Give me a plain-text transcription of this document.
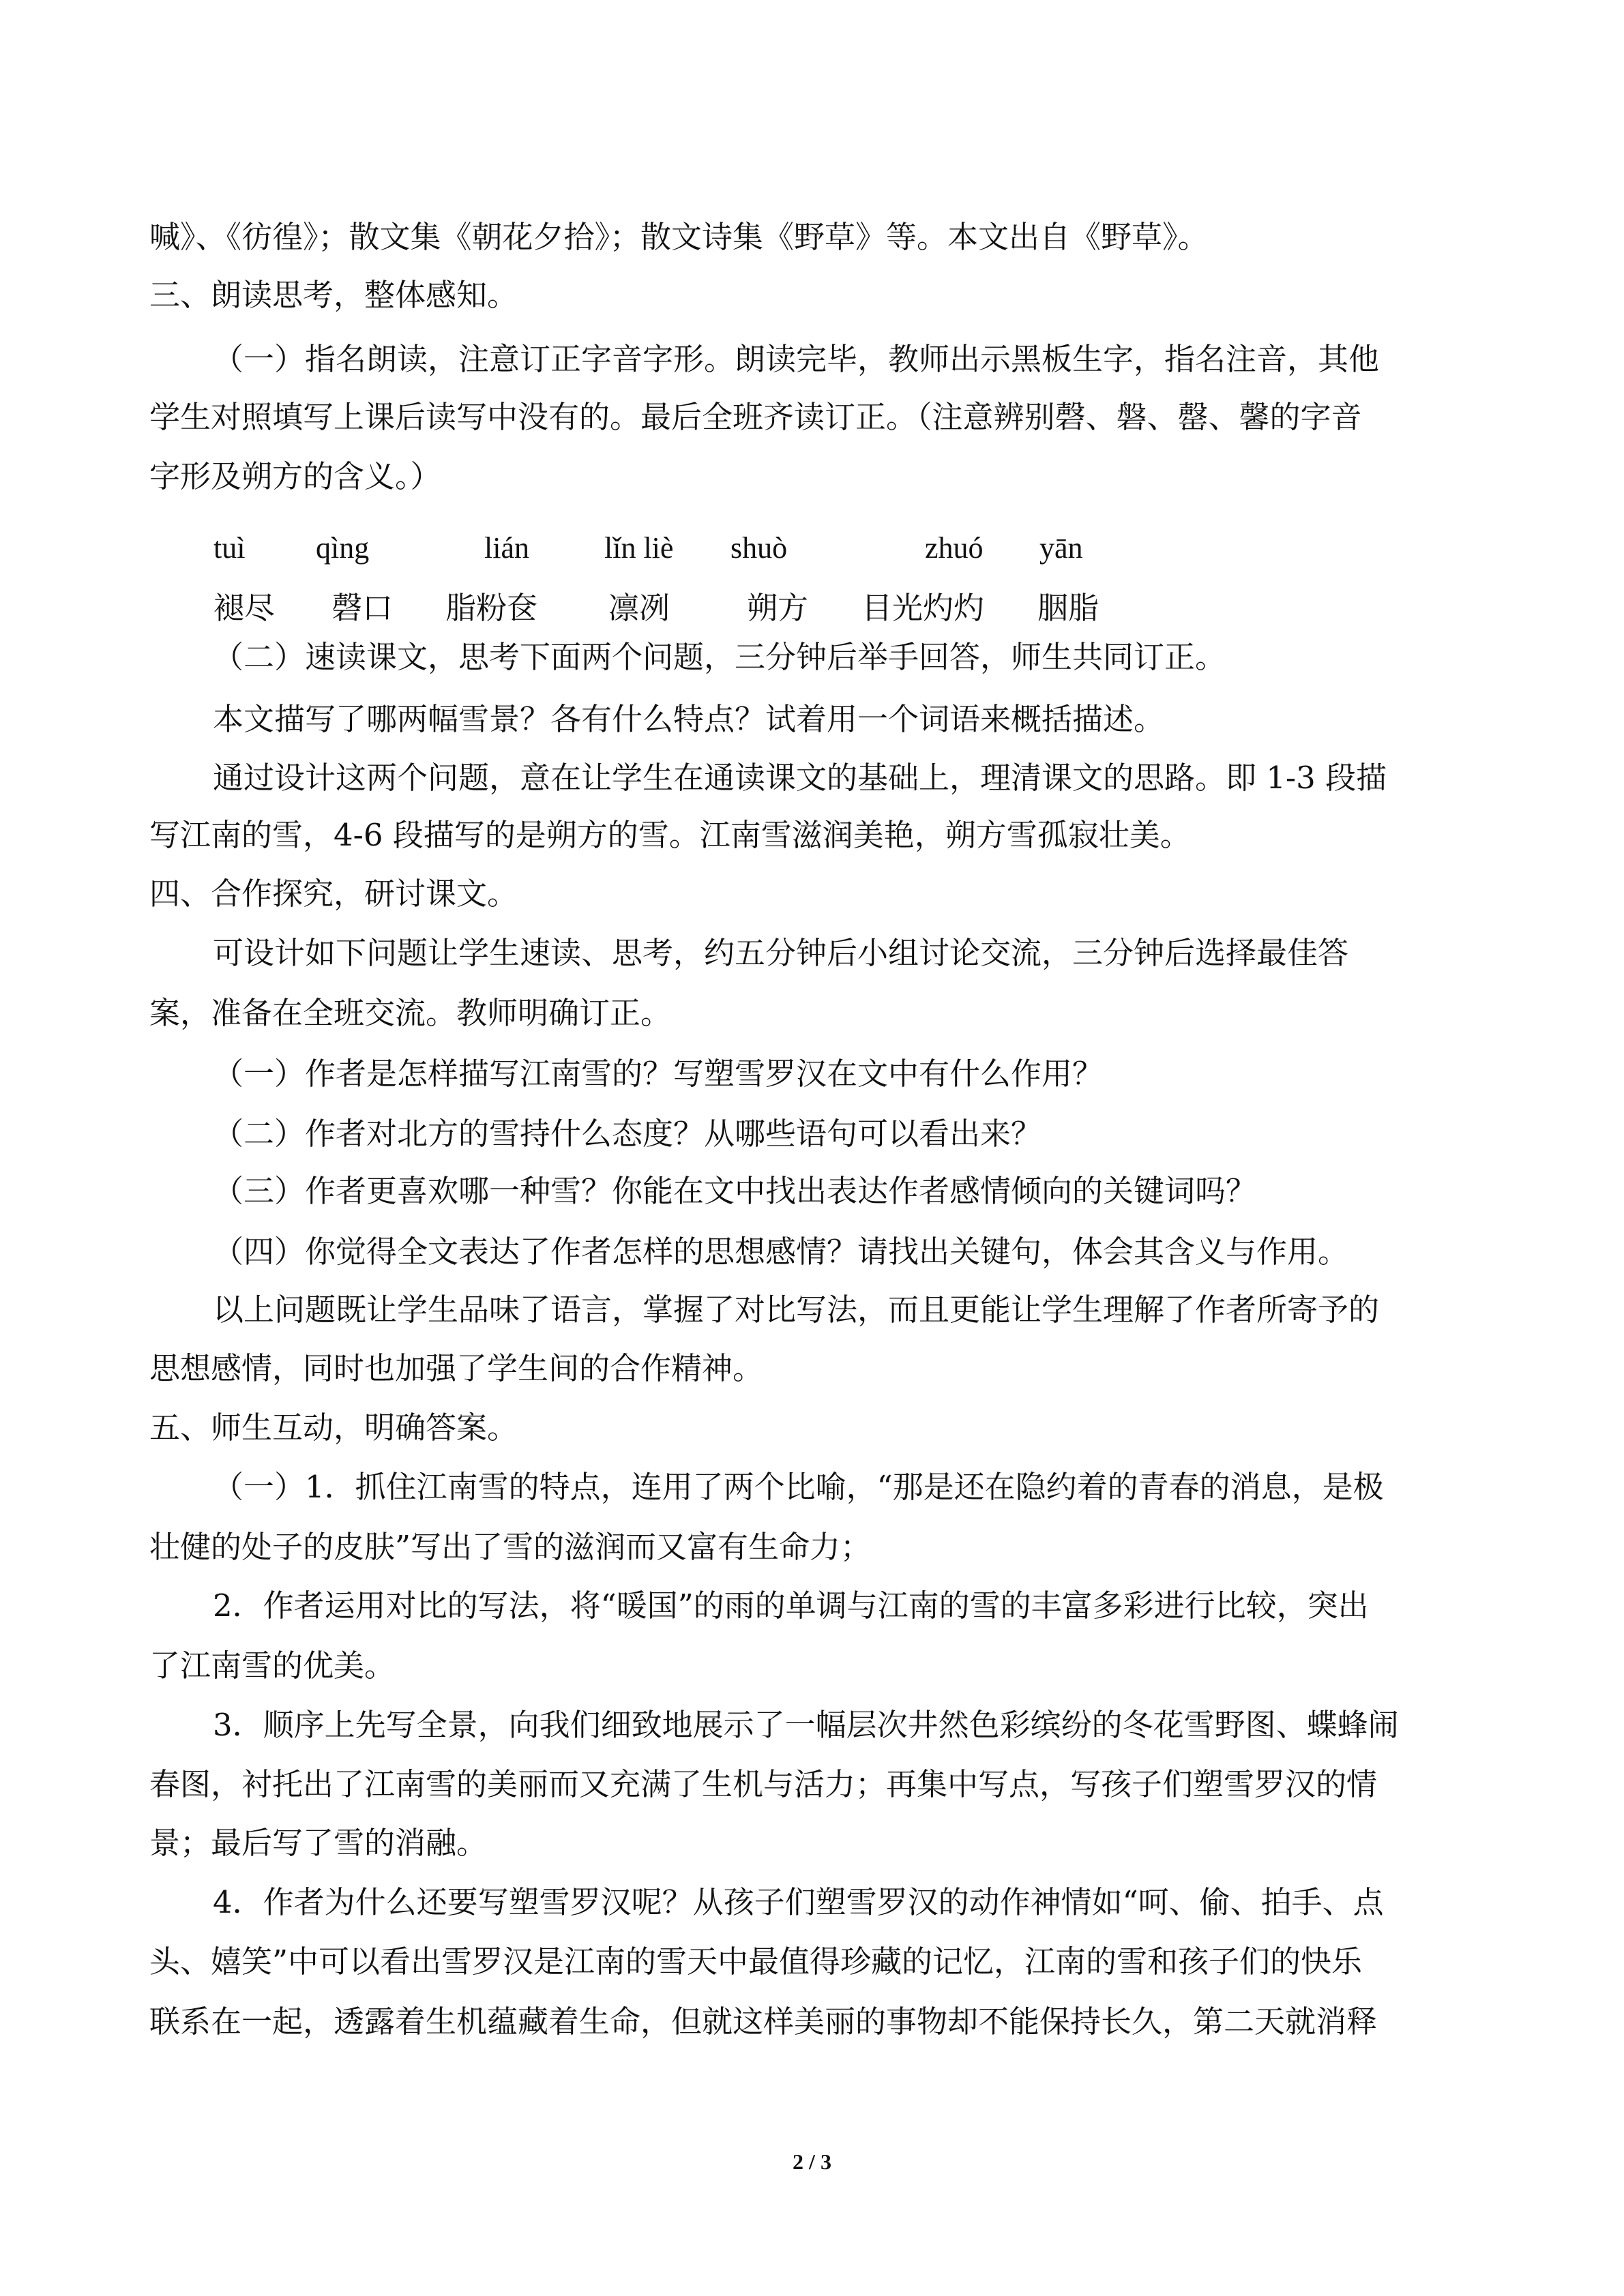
喊》、《彷徨》；散文集《朝花夕拾》；散文诗集《野草》等。本文出自《野草》。
三、朗读思考，整体感知。
（一）指名朗读，注意订正字音字形。朗读完毕，教师出示黑板生字，指名注音，其他
学生对照填写上课后读写中没有的。最后全班齐读订正。（注意辨别磬、磐、罄、馨的字音
字形及朔方的含义。）
tuì qìng	lián	lǐn liè shuò	zhuó yān
褪尽 磬口 脂粉奁 凛冽	朔方 目光灼灼 胭脂
（二）速读课文，思考下面两个问题，三分钟后举手回答，师生共同订正。
本文描写了哪两幅雪景？各有什么特点？试着用一个词语来概括描述。
通过设计这两个问题，意在让学生在通读课文的基础上，理清课文的思路。即 1-3 段描
写江南的雪，4-6 段描写的是朔方的雪。江南雪滋润美艳，朔方雪孤寂壮美。
四、合作探究，研讨课文。
可设计如下问题让学生速读、思考，约五分钟后小组讨论交流，三分钟后选择最佳答
案，准备在全班交流。教师明确订正。
（一）作者是怎样描写江南雪的？写塑雪罗汉在文中有什么作用？
（二）作者对北方的雪持什么态度？从哪些语句可以看出来？
（三）作者更喜欢哪一种雪？你能在文中找出表达作者感情倾向的关键词吗？
（四）你觉得全文表达了作者怎样的思想感情？请找出关键句，体会其含义与作用。
以上问题既让学生品味了语言，掌握了对比写法，而且更能让学生理解了作者所寄予的
思想感情，同时也加强了学生间的合作精神。
五、师生互动，明确答案。
（一）1．抓住江南雪的特点，连用了两个比喻，“那是还在隐约着的青春的消息，是极
壮健的处子的皮肤”写出了雪的滋润而又富有生命力；
2．作者运用对比的写法，将“暖国”的雨的单调与江南的雪的丰富多彩进行比较，突出
了江南雪的优美。
3．顺序上先写全景，向我们细致地展示了一幅层次井然色彩缤纷的冬花雪野图、蝶蜂闹
春图，衬托出了江南雪的美丽而又充满了生机与活力；再集中写点，写孩子们塑雪罗汉的情
景；最后写了雪的消融。
4．作者为什么还要写塑雪罗汉呢？从孩子们塑雪罗汉的动作神情如“呵、偷、拍手、点
头、嬉笑”中可以看出雪罗汉是江南的雪天中最值得珍藏的记忆，江南的雪和孩子们的快乐
联系在一起，透露着生机蕴藏着生命，但就这样美丽的事物却不能保持长久，第二天就消释
2 / 3
